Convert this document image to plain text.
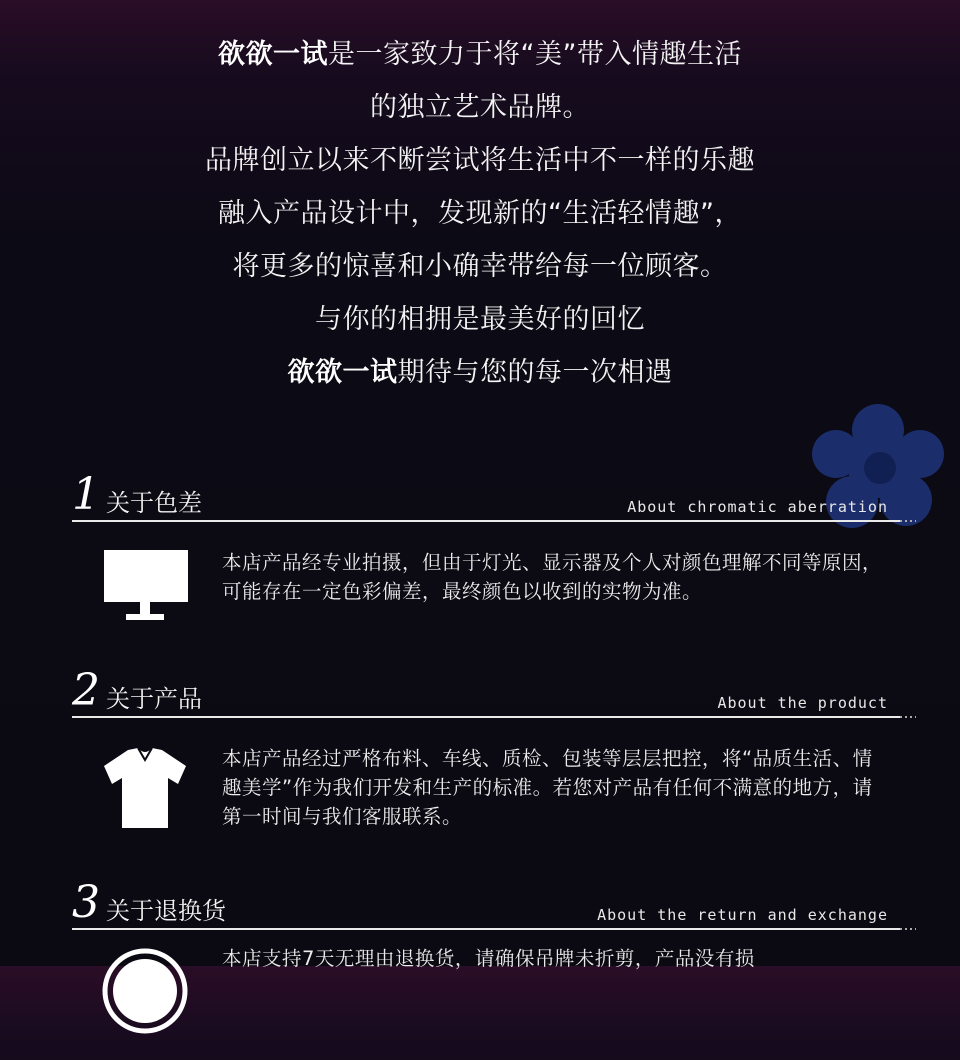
欲欲一试是一家致力于将“美”带入情趣生活
的独立艺术品牌。
品牌创立以来不断尝试将生活中不一样的乐趣
融入产品设计中，发现新的“生活轻情趣”，
将更多的惊喜和小确幸带给每一位顾客。
与你的相拥是最美好的回忆
欲欲一试期待与您的每一次相遇
1 关于色差	About chromatic aberration
本店产品经专业拍摄，但由于灯光、显示器及个人对颜色理解不同等原因，可能存在一定色彩偏差，最终颜色以收到的实物为准。
2 关于产品	About the product
本店产品经过严格布料、车线、质检、包装等层层把控，将“品质生活、情趣美学”作为我们开发和生产的标准。若您对产品有任何不满意的地方，请第一时间与我们客服联系。
3 关于退换货	About the return and exchange
本店支持7天无理由退换货，请确保吊牌未折剪，产品没有损
